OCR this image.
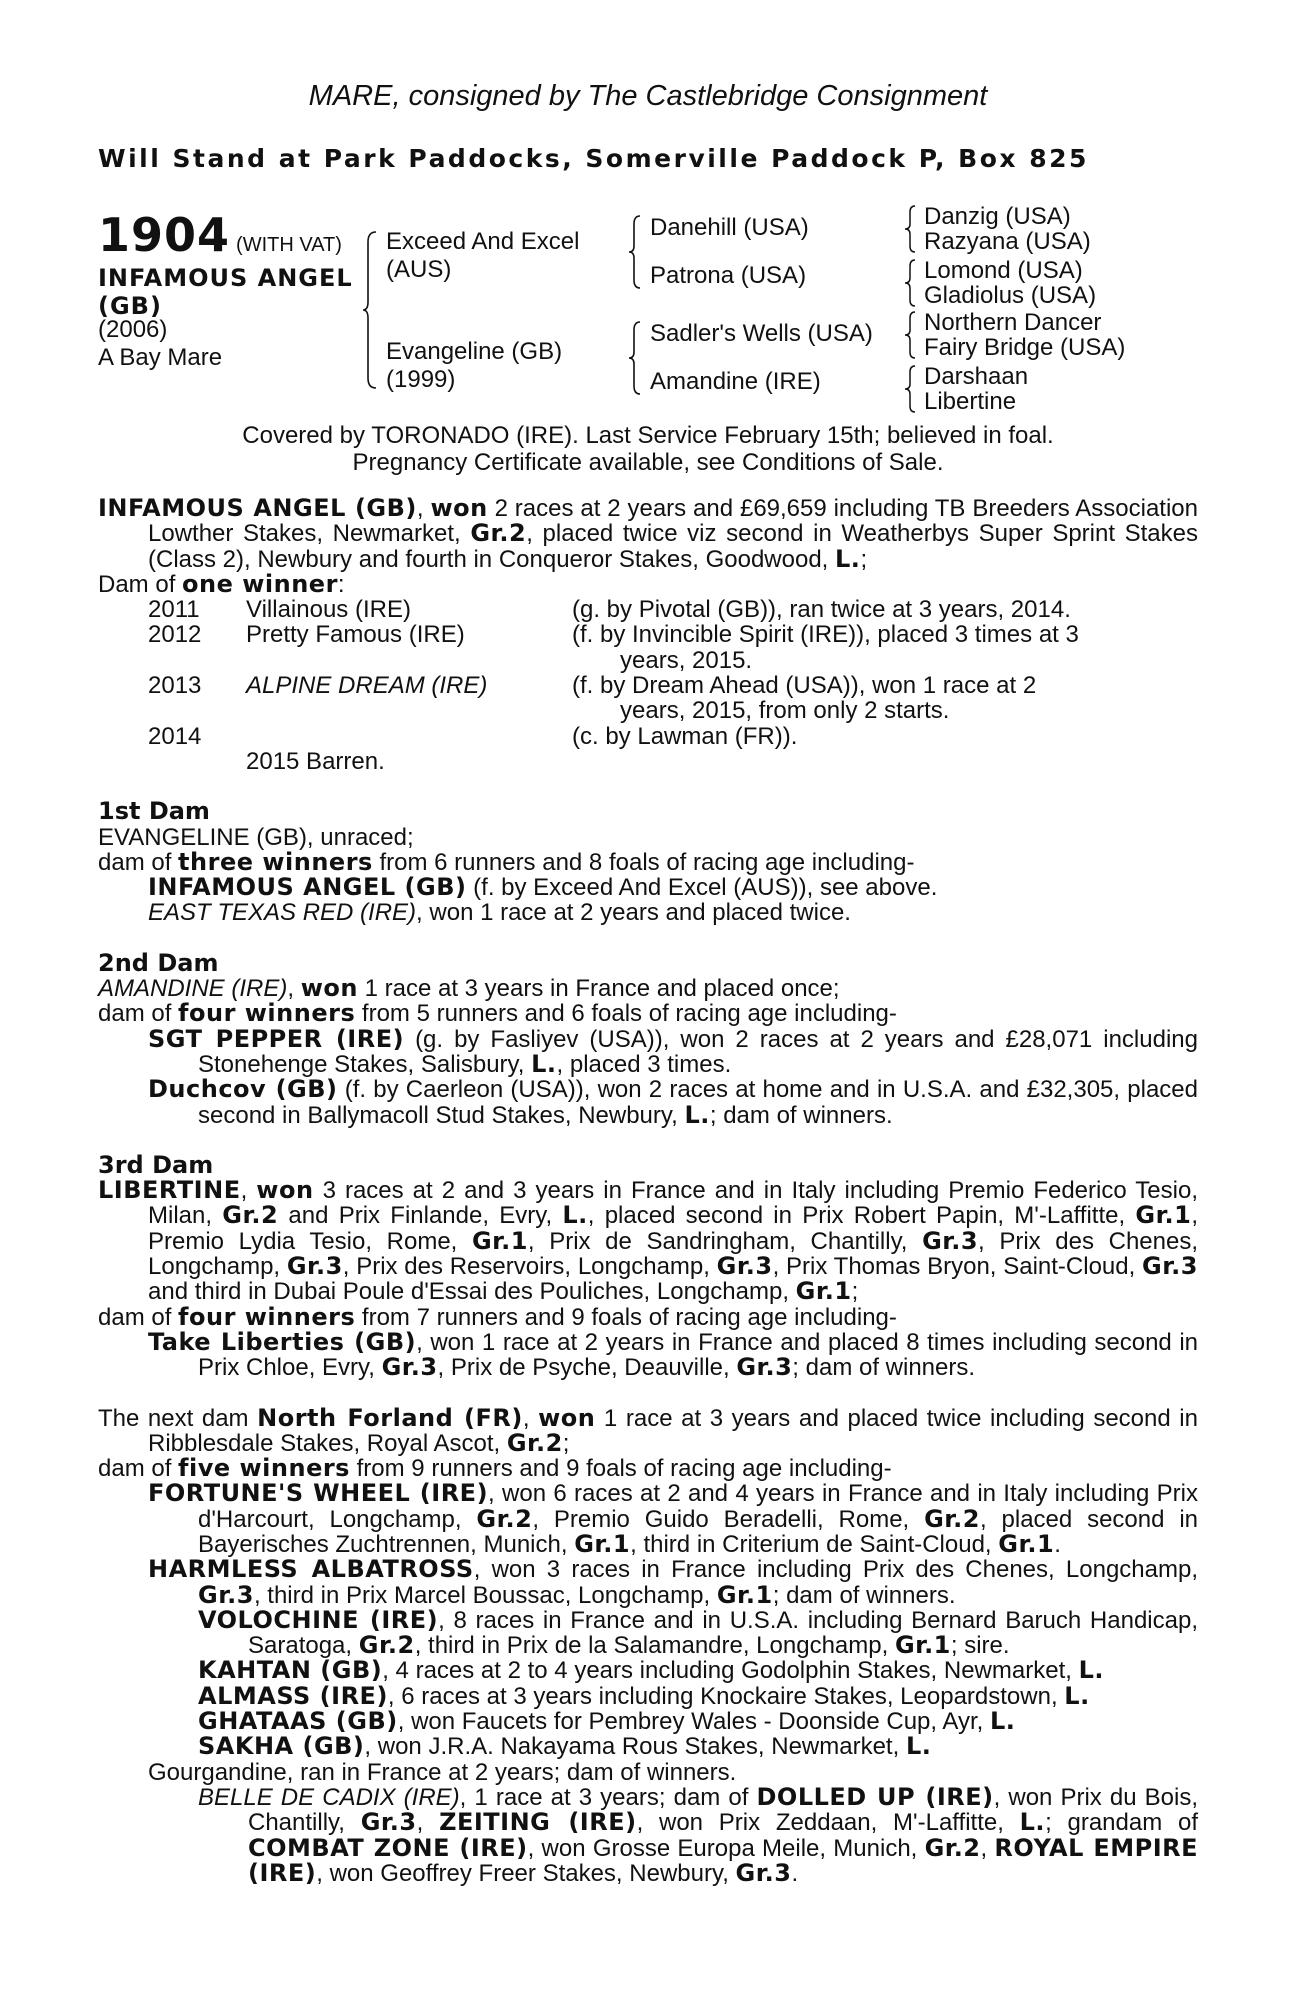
MARE, consigned by The Castlebridge Consignment
Will Stand at Park Paddocks, Somerville Paddock P, Box 825
1904 (WITH VAT)
INFAMOUS ANGEL
(GB)
(2006)
A Bay Mare
Exceed And Excel
(AUS)
Evangeline (GB)
(1999)
Danehill (USA)
Patrona (USA)
Sadler's Wells (USA)
Amandine (IRE)
Danzig (USA)
Razyana (USA)
Lomond (USA)
Gladiolus (USA)
Northern Dancer
Fairy Bridge (USA)
Darshaan
Libertine
Covered by TORONADO (IRE). Last Service February 15th; believed in foal.
Pregnancy Certificate available, see Conditions of Sale.

INFAMOUS ANGEL (GB), won 2 races at 2 years and £69,659 including TB Breeders Association Lowther Stakes, Newmarket, Gr.2, placed twice viz second in Weatherbys Super Sprint Stakes (Class 2), Newbury and fourth in Conqueror Stakes, Goodwood, L.;

Dam of one winner:

2011 Villainous (IRE)	(g. by Pivotal (GB)), ran twice at 3 years, 2014.
2012 Pretty Famous (IRE)	(f. by Invincible Spirit (IRE)), placed 3 times at 3
years, 2015.
2013 ALPINE DREAM (IRE)	(f. by Dream Ahead (USA)), won 1 race at 2
years, 2015, from only 2 starts.
2014	(c. by Lawman (FR)).
2015 Barren.

1st Dam

EVANGELINE (GB), unraced;

dam of three winners from 6 runners and 8 foals of racing age including-

INFAMOUS ANGEL (GB) (f. by Exceed And Excel (AUS)), see above.

EAST TEXAS RED (IRE), won 1 race at 2 years and placed twice.

2nd Dam

AMANDINE (IRE), won 1 race at 3 years in France and placed once;

dam of four winners from 5 runners and 6 foals of racing age including-

SGT PEPPER (IRE) (g. by Fasliyev (USA)), won 2 races at 2 years and £28,071 including Stonehenge Stakes, Salisbury, L., placed 3 times.

Duchcov (GB) (f. by Caerleon (USA)), won 2 races at home and in U.S.A. and £32,305, placed second in Ballymacoll Stud Stakes, Newbury, L.; dam of winners.

3rd Dam

LIBERTINE, won 3 races at 2 and 3 years in France and in Italy including Premio Federico Tesio, Milan, Gr.2 and Prix Finlande, Evry, L., placed second in Prix Robert Papin, M'-Laffitte, Gr.1, Premio Lydia Tesio, Rome, Gr.1, Prix de Sandringham, Chantilly, Gr.3, Prix des Chenes, Longchamp, Gr.3, Prix des Reservoirs, Longchamp, Gr.3, Prix Thomas Bryon, Saint-Cloud, Gr.3 and third in Dubai Poule d'Essai des Pouliches, Longchamp, Gr.1;

dam of four winners from 7 runners and 9 foals of racing age including-

Take Liberties (GB), won 1 race at 2 years in France and placed 8 times including second in Prix Chloe, Evry, Gr.3, Prix de Psyche, Deauville, Gr.3; dam of winners.

The next dam North Forland (FR), won 1 race at 3 years and placed twice including second in Ribblesdale Stakes, Royal Ascot, Gr.2;

dam of five winners from 9 runners and 9 foals of racing age including-

FORTUNE'S WHEEL (IRE), won 6 races at 2 and 4 years in France and in Italy including Prix d'Harcourt, Longchamp, Gr.2, Premio Guido Beradelli, Rome, Gr.2, placed second in Bayerisches Zuchtrennen, Munich, Gr.1, third in Criterium de Saint-Cloud, Gr.1.

HARMLESS ALBATROSS, won 3 races in France including Prix des Chenes, Longchamp, Gr.3, third in Prix Marcel Boussac, Longchamp, Gr.1; dam of winners.

VOLOCHINE (IRE), 8 races in France and in U.S.A. including Bernard Baruch Handicap, Saratoga, Gr.2, third in Prix de la Salamandre, Longchamp, Gr.1; sire.

KAHTAN (GB), 4 races at 2 to 4 years including Godolphin Stakes, Newmarket, L.

ALMASS (IRE), 6 races at 3 years including Knockaire Stakes, Leopardstown, L.

GHATAAS (GB), won Faucets for Pembrey Wales - Doonside Cup, Ayr, L.

SAKHA (GB), won J.R.A. Nakayama Rous Stakes, Newmarket, L.

Gourgandine, ran in France at 2 years; dam of winners.

BELLE DE CADIX (IRE), 1 race at 3 years; dam of DOLLED UP (IRE), won Prix du Bois, Chantilly, Gr.3, ZEITING (IRE), won Prix Zeddaan, M'-Laffitte, L.; grandam of COMBAT ZONE (IRE), won Grosse Europa Meile, Munich, Gr.2, ROYAL EMPIRE (IRE), won Geoffrey Freer Stakes, Newbury, Gr.3.
